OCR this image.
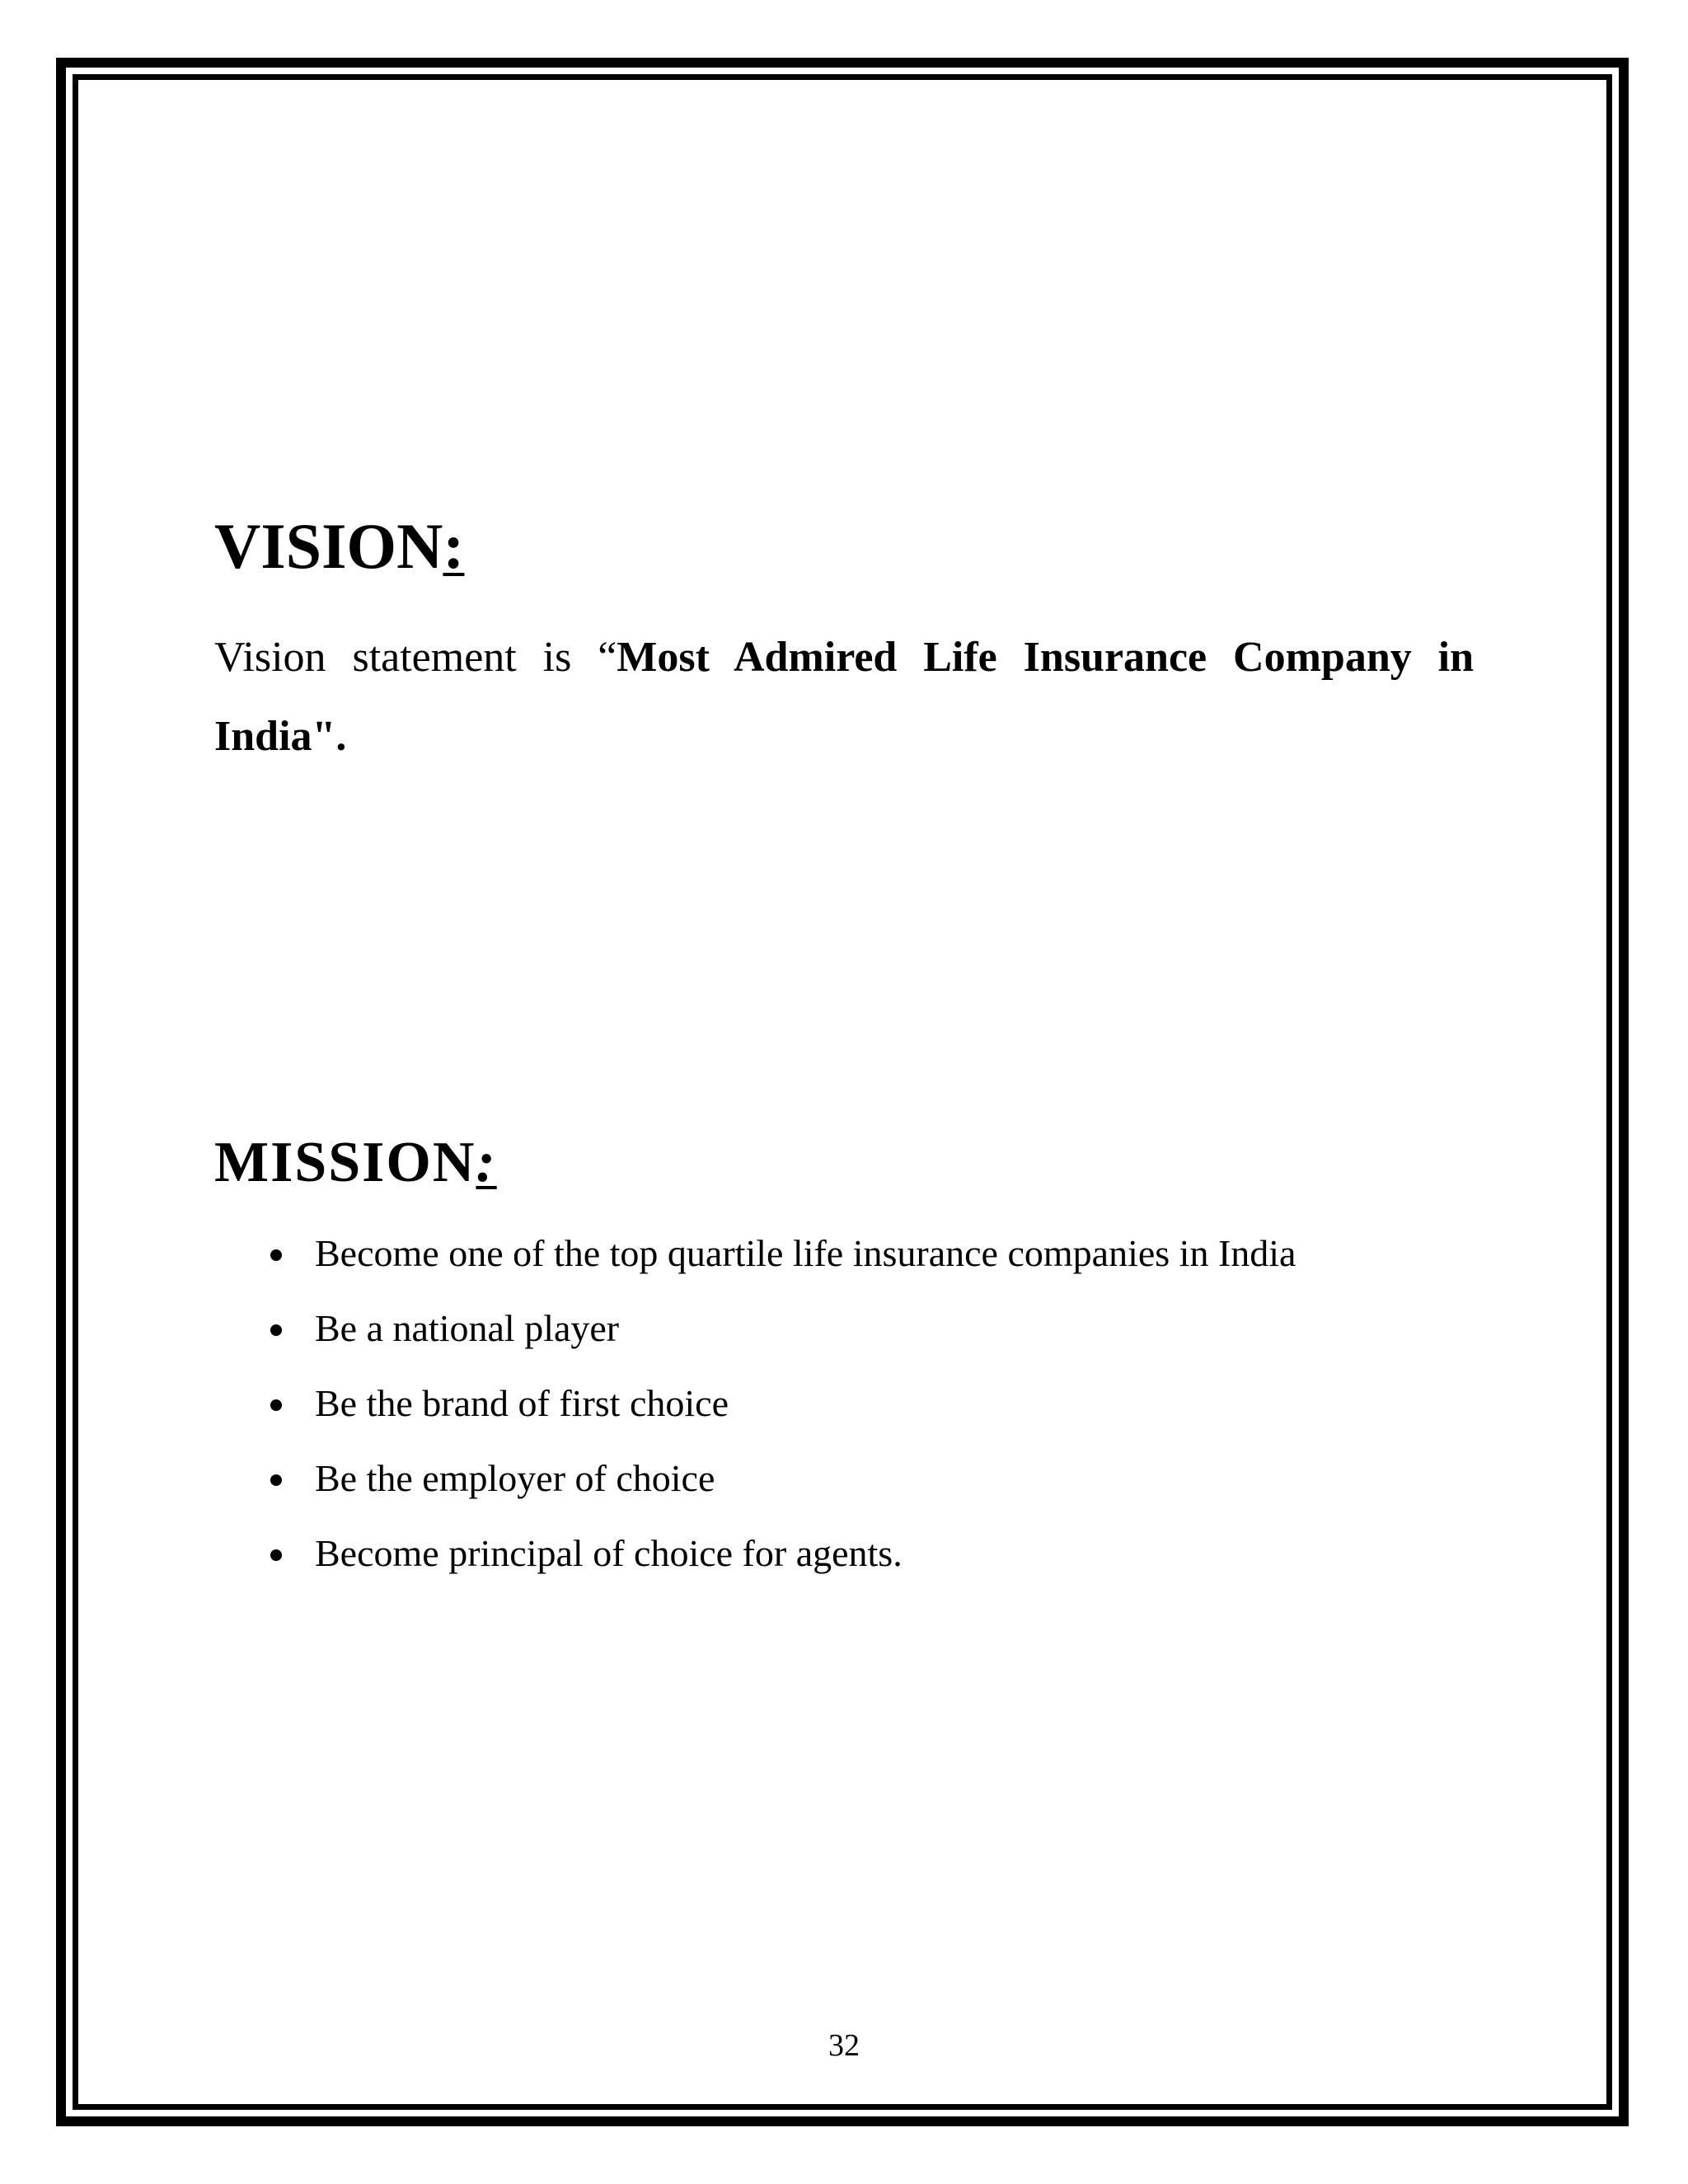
VISION:

Vision statement is “Most Admired Life Insurance Company in India".

MISSION:
Become one of the top quartile life insurance companies in India
Be a national player
Be the brand of first choice
Be the employer of choice
Become principal of choice for agents.
32
